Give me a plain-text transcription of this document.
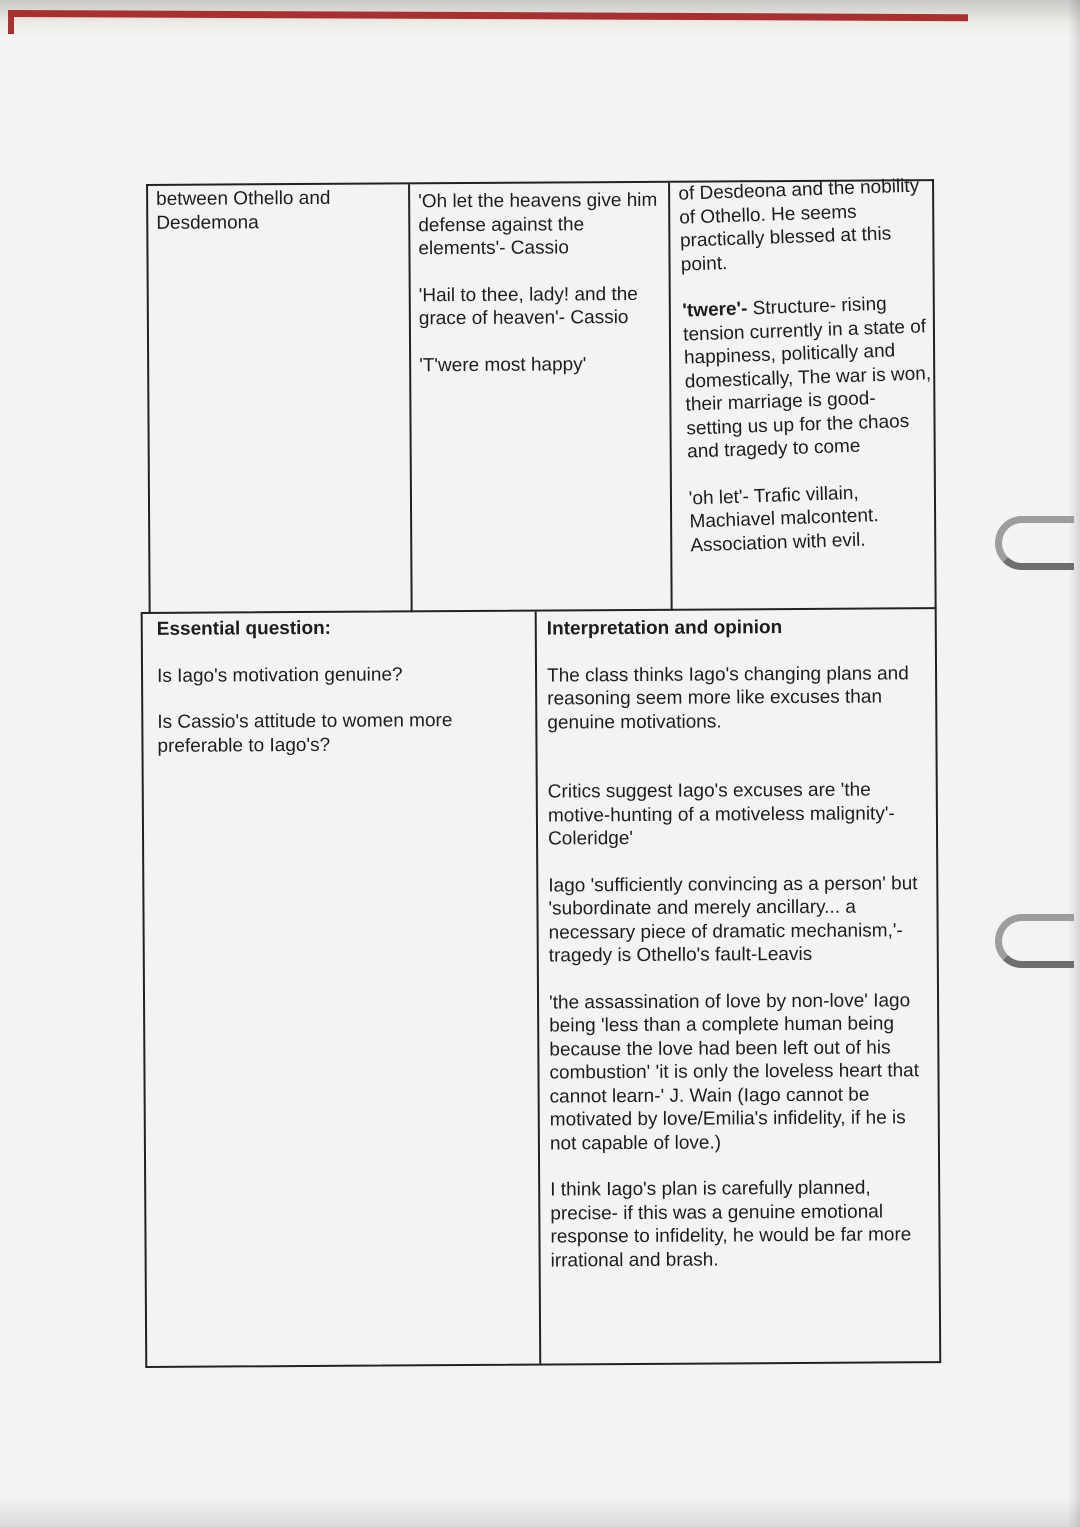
between Othello and Desdemona

'Oh let the heavens give him defense against the elements'- Cassio

'Hail to thee, lady! and the grace of heaven'- Cassio

'T'were most happy'

of Desdeona and the nobility of Othello. He seems practically blessed at this point.

'twere'- Structure- rising tension currently in a state of happiness, politically and domestically, The war is won, their marriage is good- setting us up for the chaos and tragedy to come

'oh let'- Trafic villain, Machiavel malcontent. Association with evil.

Essential question:

Is Iago's motivation genuine?

Is Cassio's attitude to women more preferable to Iago's?

Interpretation and opinion

The class thinks Iago's changing plans and reasoning seem more like excuses than genuine motivations.

Critics suggest Iago's excuses are 'the motive-hunting of a motiveless malignity'- Coleridge'

Iago 'sufficiently convincing as a person' but 'subordinate and merely ancillary... a necessary piece of dramatic mechanism,'- tragedy is Othello's fault-Leavis

'the assassination of love by non-love' Iago being 'less than a complete human being because the love had been left out of his combustion' 'it is only the loveless heart that cannot learn-' J. Wain (Iago cannot be motivated by love/Emilia's infidelity, if he is not capable of love.)

I think Iago's plan is carefully planned, precise- if this was a genuine emotional response to infidelity, he would be far more irrational and brash.
